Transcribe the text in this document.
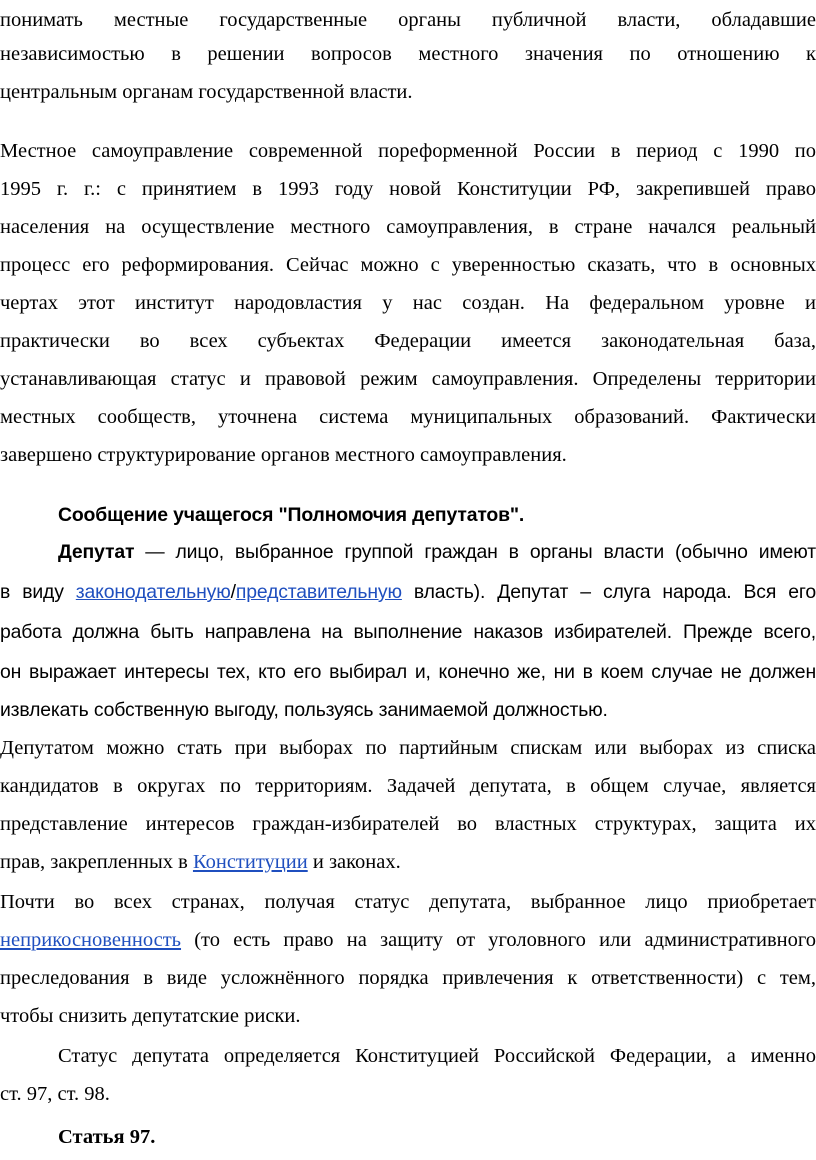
понимать местные государственные органы публичной власти, обладавшие

независимостью в решении вопросов местного значения по отношению к

центральным органам государственной власти.

Местное самоуправление современной пореформенной России в период с 1990 по

1995 г. г.: с принятием в 1993 году новой Конституции РФ, закрепившей право

населения на осуществление местного самоуправления, в стране начался реальный

процесс его реформирования. Сейчас можно с уверенностью сказать, что в основных

чертах этот институт народовластия у нас создан. На федеральном уровне и

практически во всех субъектах Федерации имеется законодательная база,

устанавливающая статус и правовой режим самоуправления. Определены территории

местных сообществ, уточнена система муниципальных образований. Фактически

завершено структурирование органов местного самоуправления.

Сообщение учащегося "Полномочия депутатов".

Депутат — лицо, выбранное группой граждан в органы власти (обычно имеют

в виду законодательную/представительную власть). Депутат – слуга народа. Вся его

работа должна быть направлена на выполнение наказов избирателей. Прежде всего,

он выражает интересы тех, кто его выбирал и, конечно же, ни в коем случае не должен

извлекать собственную выгоду, пользуясь занимаемой должностью.

Депутатом можно стать при выборах по партийным спискам или выборах из списка

кандидатов в округах по территориям. Задачей депутата, в общем случае, является

представление интересов граждан-избирателей во властных структурах, защита их

прав, закрепленных в Конституции и законах.

Почти во всех странах, получая статус депутата, выбранное лицо приобретает

неприкосновенность (то есть право на защиту от уголовного или административного

преследования в виде усложнённого порядка привлечения к ответственности) с тем,

чтобы снизить депутатские риски.

Статус депутата определяется Конституцией Российской Федерации, а именно

ст. 97, ст. 98.

Статья 97.
